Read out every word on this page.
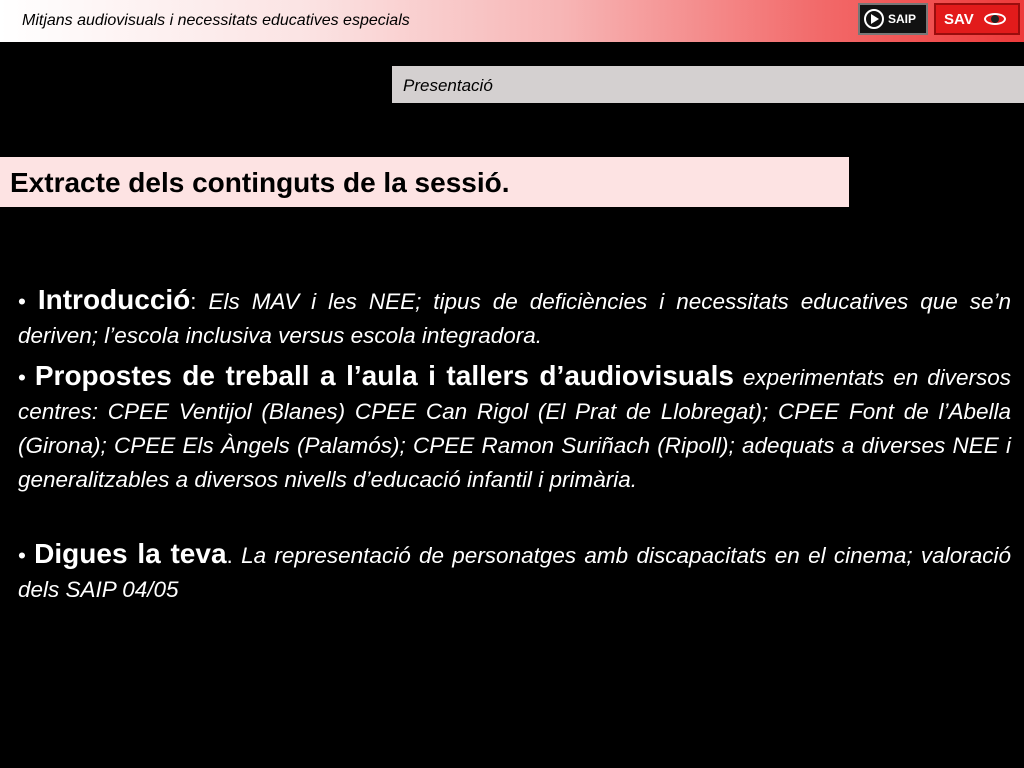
Mitjans audiovisuals i necessitats educatives especials	SAIP SAV
Presentació
Extracte dels continguts de la sessió.

• Introducció: Els MAV i les NEE; tipus de deficiències i necessitats educatives que se’n deriven; l’escola inclusiva versus escola integradora.

• Propostes de treball a l’aula i tallers d’audiovisuals experimentats en diversos centres: CPEE Ventijol (Blanes) CPEE Can Rigol (El Prat de Llobregat); CPEE Font de l’Abella (Girona); CPEE Els Àngels (Palamós); CPEE Ramon Suriñach (Ripoll); adequats a diverses NEE i generalitzables a diversos nivells d’educació infantil i primària.

• Digues la teva. La representació de personatges amb discapacitats en el cinema; valoració dels SAIP 04/05
